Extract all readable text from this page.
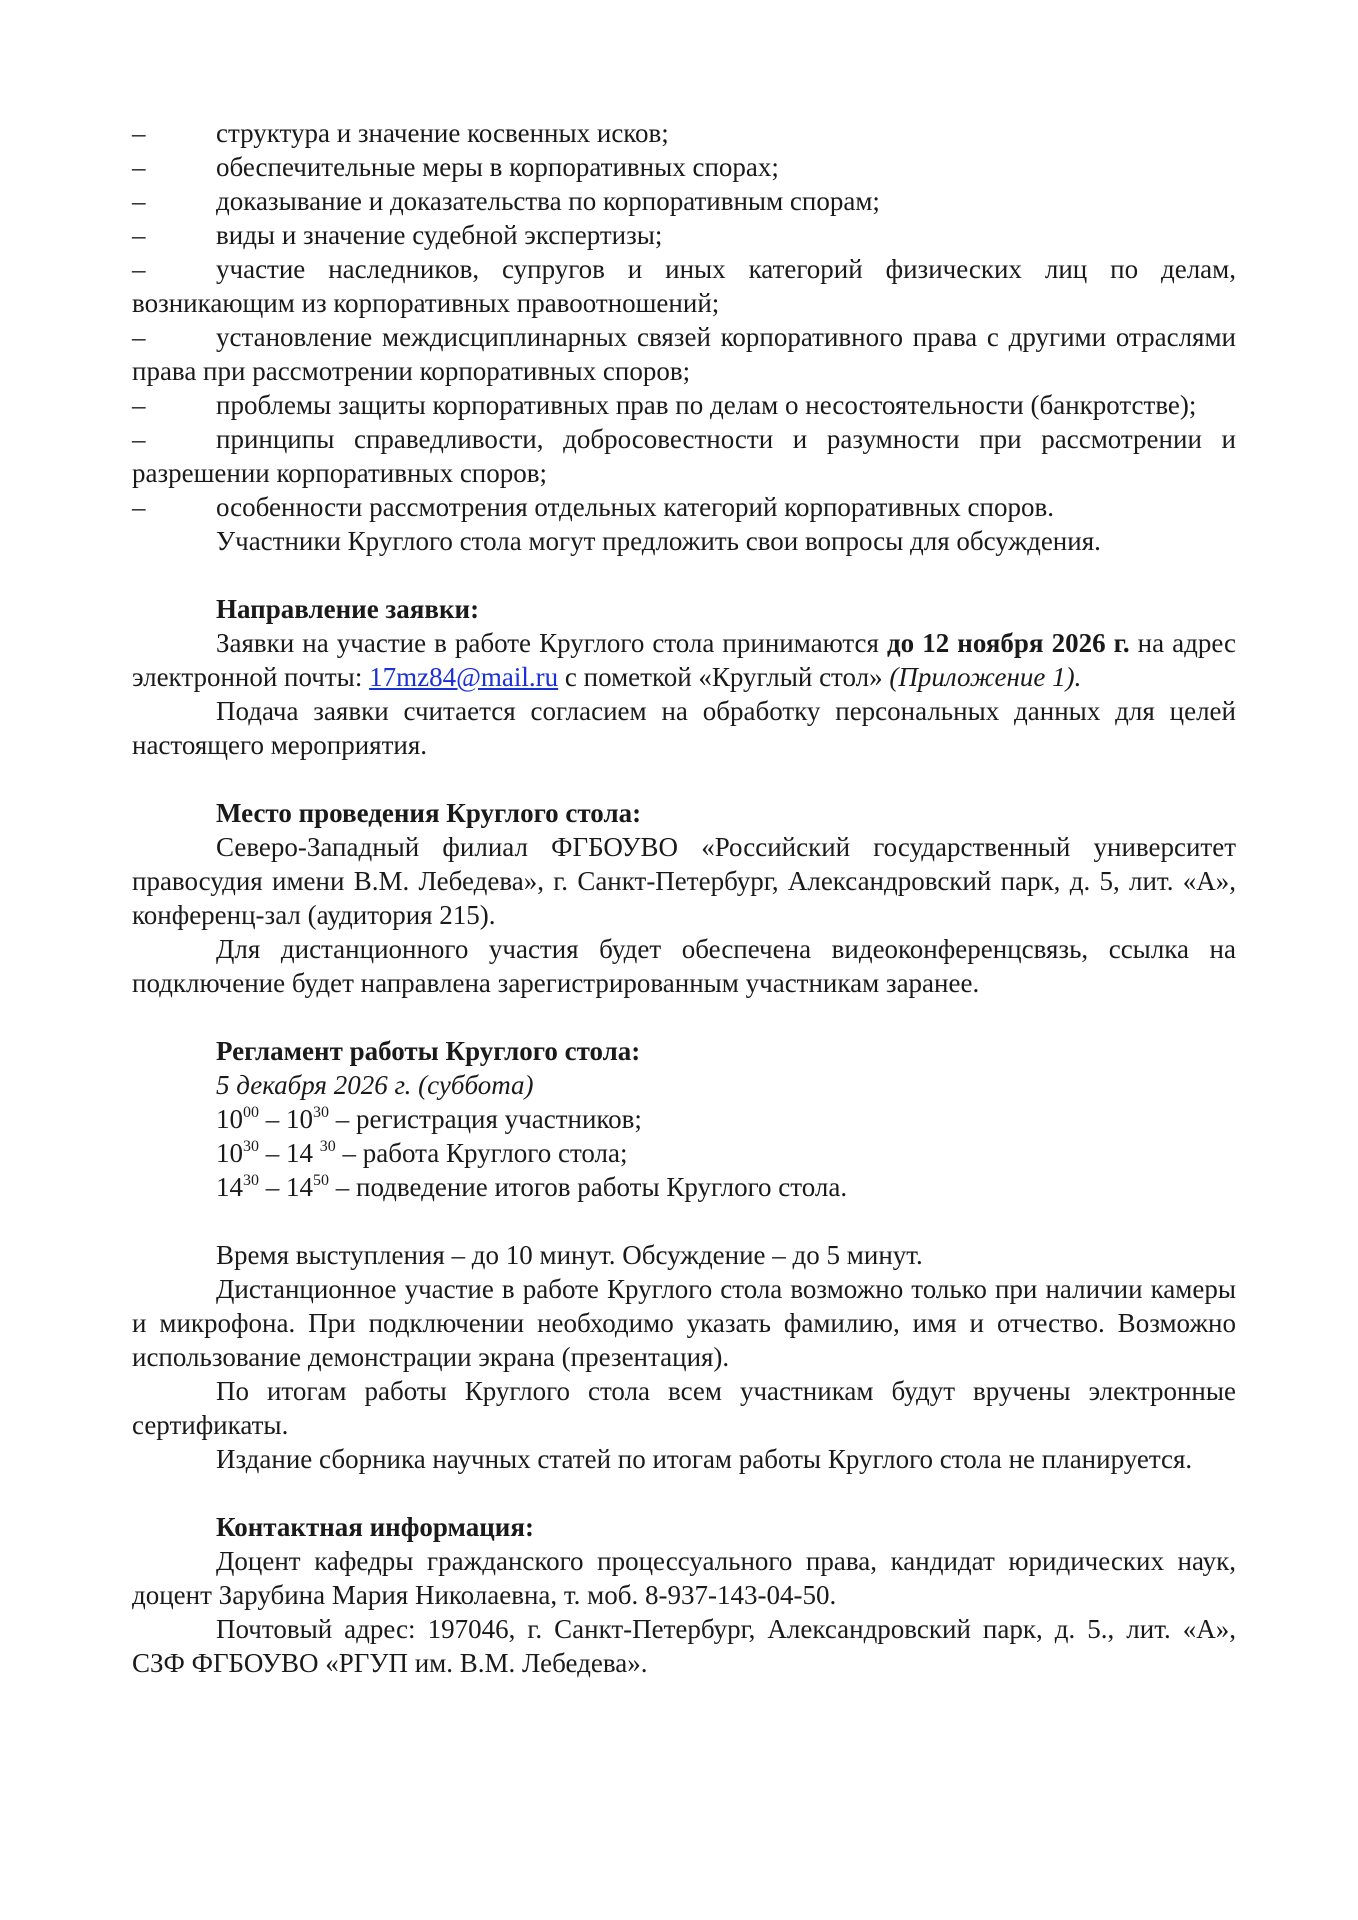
–	структура и значение косвенных исков;
–	обеспечительные меры в корпоративных спорах;
–	доказывание и доказательства по корпоративным спорам;
–	виды и значение судебной экспертизы;
–	участие наследников, супругов и иных категорий физических лиц по делам, возникающим из корпоративных правоотношений;
–	установление междисциплинарных связей корпоративного права с другими отраслями права при рассмотрении корпоративных споров;
–	проблемы защиты корпоративных прав по делам о несостоятельности (банкротстве);
–	принципы справедливости, добросовестности и разумности при рассмотрении и разрешении корпоративных споров;
–	особенности рассмотрения отдельных категорий корпоративных споров.
Участники Круглого стола могут предложить свои вопросы для обсуждения.
Направление заявки:
Заявки на участие в работе Круглого стола принимаются до 12 ноября 2026 г. на адрес электронной почты: 17mz84@mail.ru с пометкой «Круглый стол» (Приложение 1).
Подача заявки считается согласием на обработку персональных данных для целей настоящего мероприятия.
Место проведения Круглого стола:
Северо-Западный филиал ФГБОУВО «Российский государственный университет правосудия имени В.М. Лебедева», г. Санкт-Петербург, Александровский парк, д. 5, лит. «А», конференц-зал (аудитория 215).
Для дистанционного участия будет обеспечена видеоконференцсвязь, ссылка на подключение будет направлена зарегистрированным участникам заранее.
Регламент работы Круглого стола:
5 декабря 2026 г. (суббота)
$10^{00} - 10^{30}$ – регистрация участников;
$10^{30} - 14$ $^{30}$ – работа Круглого стола;
$14^{30} - 14^{50}$ – подведение итогов работы Круглого стола.
Время выступления – до 10 минут. Обсуждение – до 5 минут.
Дистанционное участие в работе Круглого стола возможно только при наличии камеры и микрофона. При подключении необходимо указать фамилию, имя и отчество. Возможно использование демонстрации экрана (презентация).
По итогам работы Круглого стола всем участникам будут вручены электронные сертификаты.
Издание сборника научных статей по итогам работы Круглого стола не планируется.
Контактная информация:
Доцент кафедры гражданского процессуального права, кандидат юридических наук, доцент Зарубина Мария Николаевна, т. моб. 8-937-143-04-50.
Почтовый адрес: 197046, г. Санкт-Петербург, Александровский парк, д. 5., лит. «А», СЗФ ФГБОУВО «РГУП им. В.М. Лебедева».
